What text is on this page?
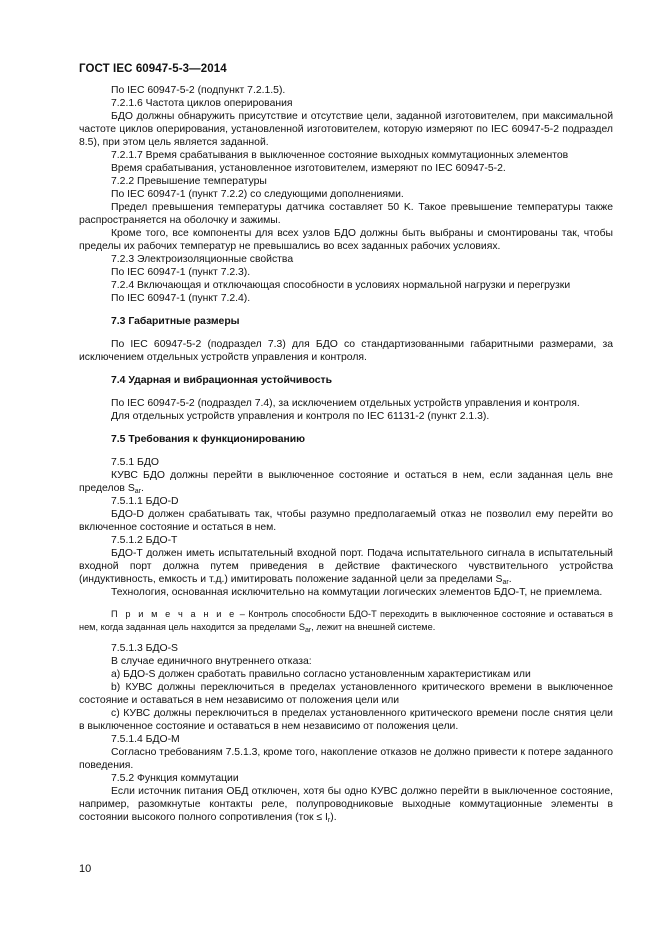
ГОСТ IEC 60947-5-3—2014

По IEC 60947-5-2 (подпункт 7.2.1.5).

7.2.1.6 Частота циклов оперирования

БДО должны обнаружить присутствие и отсутствие цели, заданной изготовителем, при максимальной частоте циклов оперирования, установленной изготовителем, которую измеряют по IEC 60947-5-2 подраздел 8.5), при этом цель является заданной.

7.2.1.7 Время срабатывания в выключенное состояние выходных коммутационных элементов

Время срабатывания, установленное изготовителем, измеряют по IEC 60947-5-2.

7.2.2 Превышение температуры

По IEC 60947-1 (пункт 7.2.2) со следующими дополнениями.

Предел превышения температуры датчика составляет 50 K. Такое превышение температуры также распространяется на оболочку и зажимы.

Кроме того, все компоненты для всех узлов БДО должны быть выбраны и смонтированы так, чтобы пределы их рабочих температур не превышались во всех заданных рабочих условиях.

7.2.3 Электроизоляционные свойства

По IEC 60947-1 (пункт 7.2.3).

7.2.4 Включающая и отключающая способности в условиях нормальной нагрузки и перегрузки

По IEC 60947-1 (пункт 7.2.4).

7.3 Габаритные размеры

По IEC 60947-5-2 (подраздел 7.3) для БДО со стандартизованными габаритными размерами, за исключением отдельных устройств управления и контроля.

7.4 Ударная и вибрационная устойчивость

По IEC 60947-5-2 (подраздел 7.4), за исключением отдельных устройств управления и контроля.

Для отдельных устройств управления и контроля по IEC 61131-2 (пункт 2.1.3).

7.5 Требования к функционированию

7.5.1 БДО

КУВС БДО должны перейти в выключенное состояние и остаться в нем, если заданная цель вне пределов $S_{ar}$.

7.5.1.1 БДО-D

БДО-D должен срабатывать так, чтобы разумно предполагаемый отказ не позволил ему перейти во включенное состояние и остаться в нем.

7.5.1.2 БДО-T

БДО-T должен иметь испытательный входной порт. Подача испытательного сигнала в испытательный входной порт должна путем приведения в действие фактического чувствительного устройства (индуктивность, емкость и т.д.) имитировать положение заданной цели за пределами $S_{ar}$.

Технология, основанная исключительно на коммутации логических элементов БДО-T, не приемлема.

П р и м е ч а н и е – Контроль способности БДО-Т переходить в выключенное состояние и оставаться в нем, когда заданная цель находится за пределами $S_{ar}$, лежит на внешней системе.

7.5.1.3 БДО-S

В случае единичного внутреннего отказа:

a) БДО-S должен сработать правильно согласно установленным характеристикам или

b) КУВС должны переключиться в пределах установленного критического времени в выключенное состояние и оставаться в нем независимо от положения цели или

c) КУВС должны переключиться в пределах установленного критического времени после снятия цели в выключенное состояние и оставаться в нем независимо от положения цели.

7.5.1.4 БДО-M

Согласно требованиям 7.5.1.3, кроме того, накопление отказов не должно привести к потере заданного поведения.

7.5.2 Функция коммутации

Если источник питания ОБД отключен, хотя бы одно КУВС должно перейти в выключенное состояние, например, разомкнутые контакты реле, полупроводниковые выходные коммутационные элементы в состоянии высокого полного сопротивления $(ток \le I_r)$.

10
